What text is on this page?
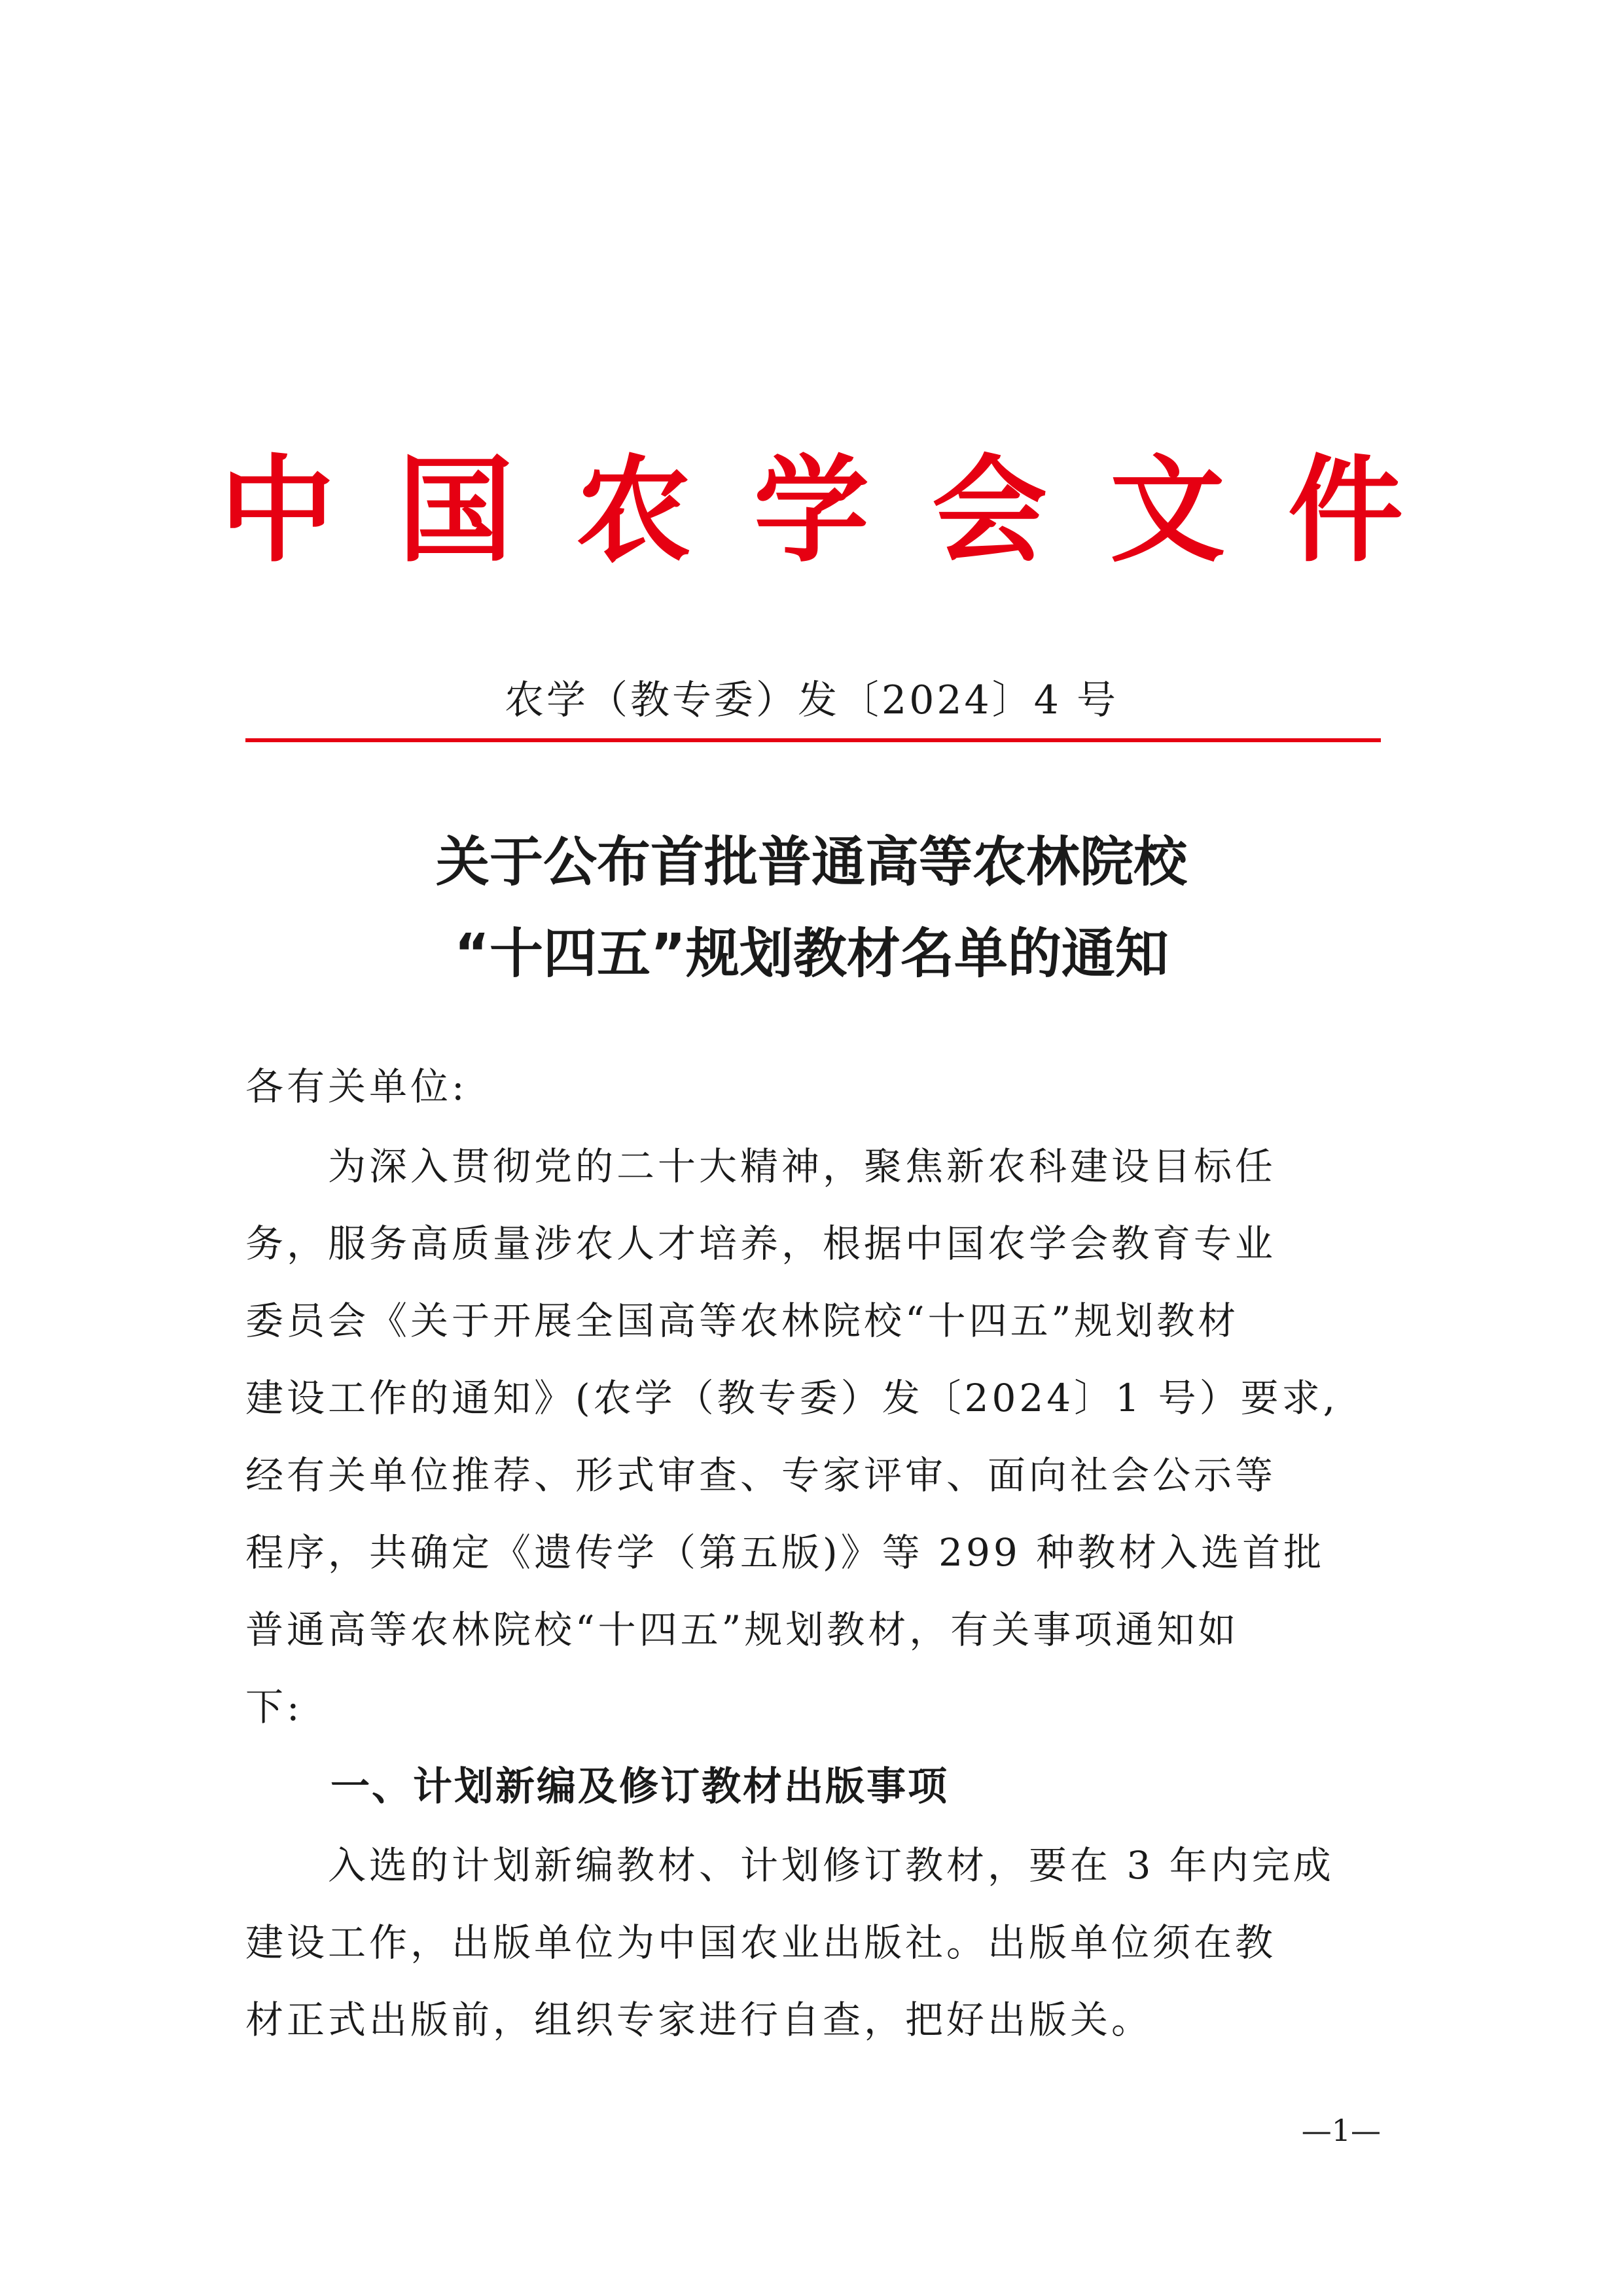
中国农学会文件
农学（教专委）发〔2024〕4 号
关于公布首批普通高等农林院校
“十四五”规划教材名单的通知
各有关单位:
　　为深入贯彻党的二十大精神，聚焦新农科建设目标任
务，服务高质量涉农人才培养，根据中国农学会教育专业
委员会《关于开展全国高等农林院校“十四五”规划教材
建设工作的通知》(农学（教专委）发〔2024〕1 号）要求,
经有关单位推荐、形式审查、专家评审、面向社会公示等
程序，共确定《遗传学（第五版)》等 299 种教材入选首批
普通高等农林院校“十四五”规划教材，有关事项通知如
下:
一、计划新编及修订教材出版事项
　　入选的计划新编教材、计划修订教材，要在 3 年内完成
建设工作，出版单位为中国农业出版社。出版单位须在教
材正式出版前，组织专家进行自查，把好出版关。
—1—
